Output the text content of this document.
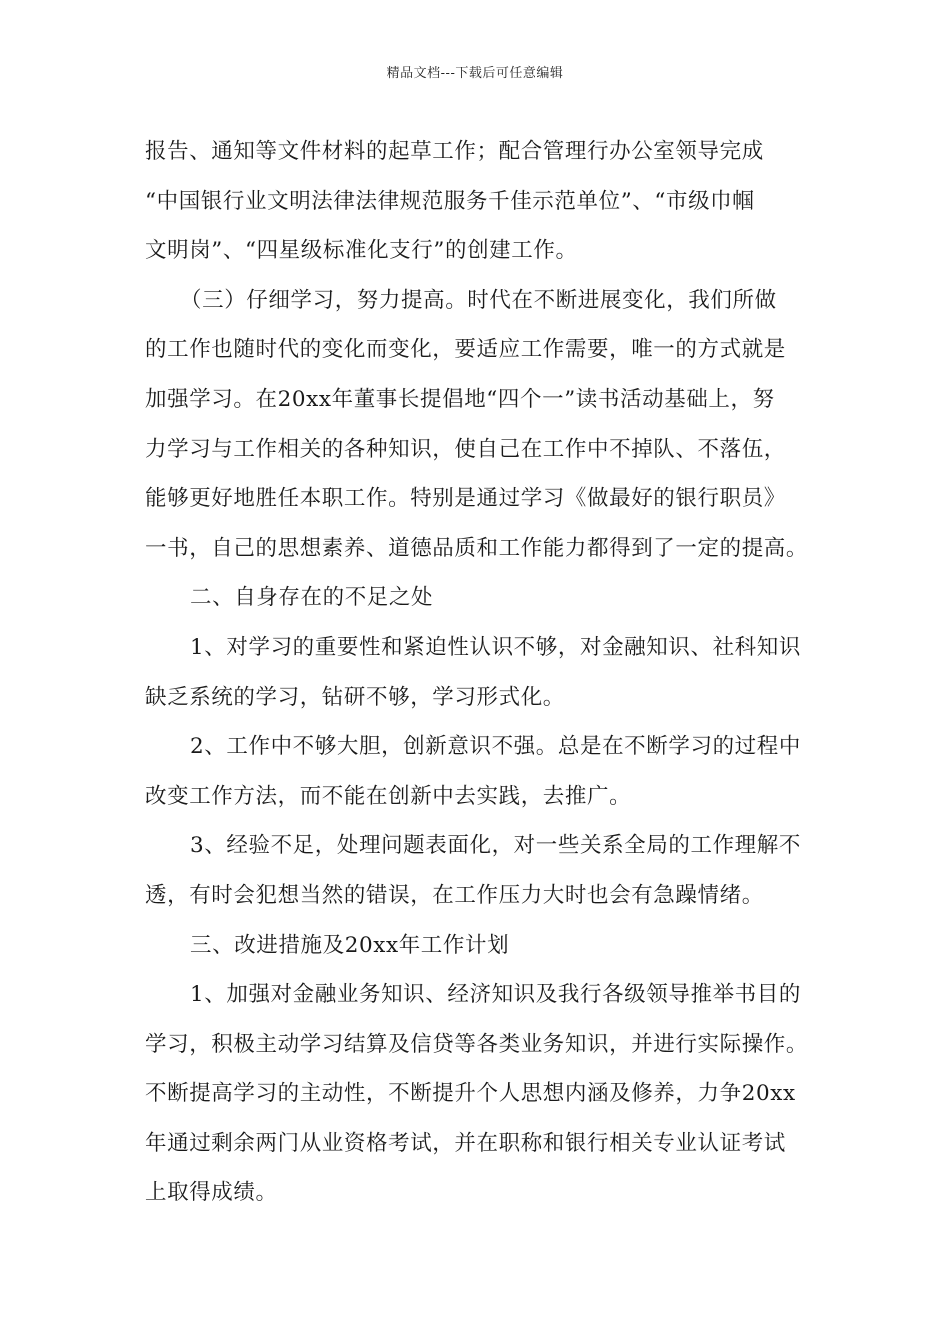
精品文档---下载后可任意编辑
报告、通知等文件材料的起草工作；配合管理行办公室领导完成
“中国银行业文明法律法律规范服务千佳示范单位”、“市级巾帼
文明岗”、“四星级标准化支行”的创建工作。
（三）仔细学习，努力提高。时代在不断进展变化，我们所做
的工作也随时代的变化而变化，要适应工作需要，唯一的方式就是
加强学习。在20xx年董事长提倡地“四个一”读书活动基础上，努
力学习与工作相关的各种知识，使自己在工作中不掉队、不落伍，
能够更好地胜任本职工作。特别是通过学习《做最好的银行职员》
一书，自己的思想素养、道德品质和工作能力都得到了一定的提高。
二、自身存在的不足之处
1、对学习的重要性和紧迫性认识不够，对金融知识、社科知识
缺乏系统的学习，钻研不够，学习形式化。
2、工作中不够大胆，创新意识不强。总是在不断学习的过程中
改变工作方法，而不能在创新中去实践，去推广。
3、经验不足，处理问题表面化，对一些关系全局的工作理解不
透，有时会犯想当然的错误，在工作压力大时也会有急躁情绪。
三、改进措施及20xx年工作计划
1、加强对金融业务知识、经济知识及我行各级领导推举书目的
学习，积极主动学习结算及信贷等各类业务知识，并进行实际操作。
不断提高学习的主动性，不断提升个人思想内涵及修养，力争20xx
年通过剩余两门从业资格考试，并在职称和银行相关专业认证考试
上取得成绩。
